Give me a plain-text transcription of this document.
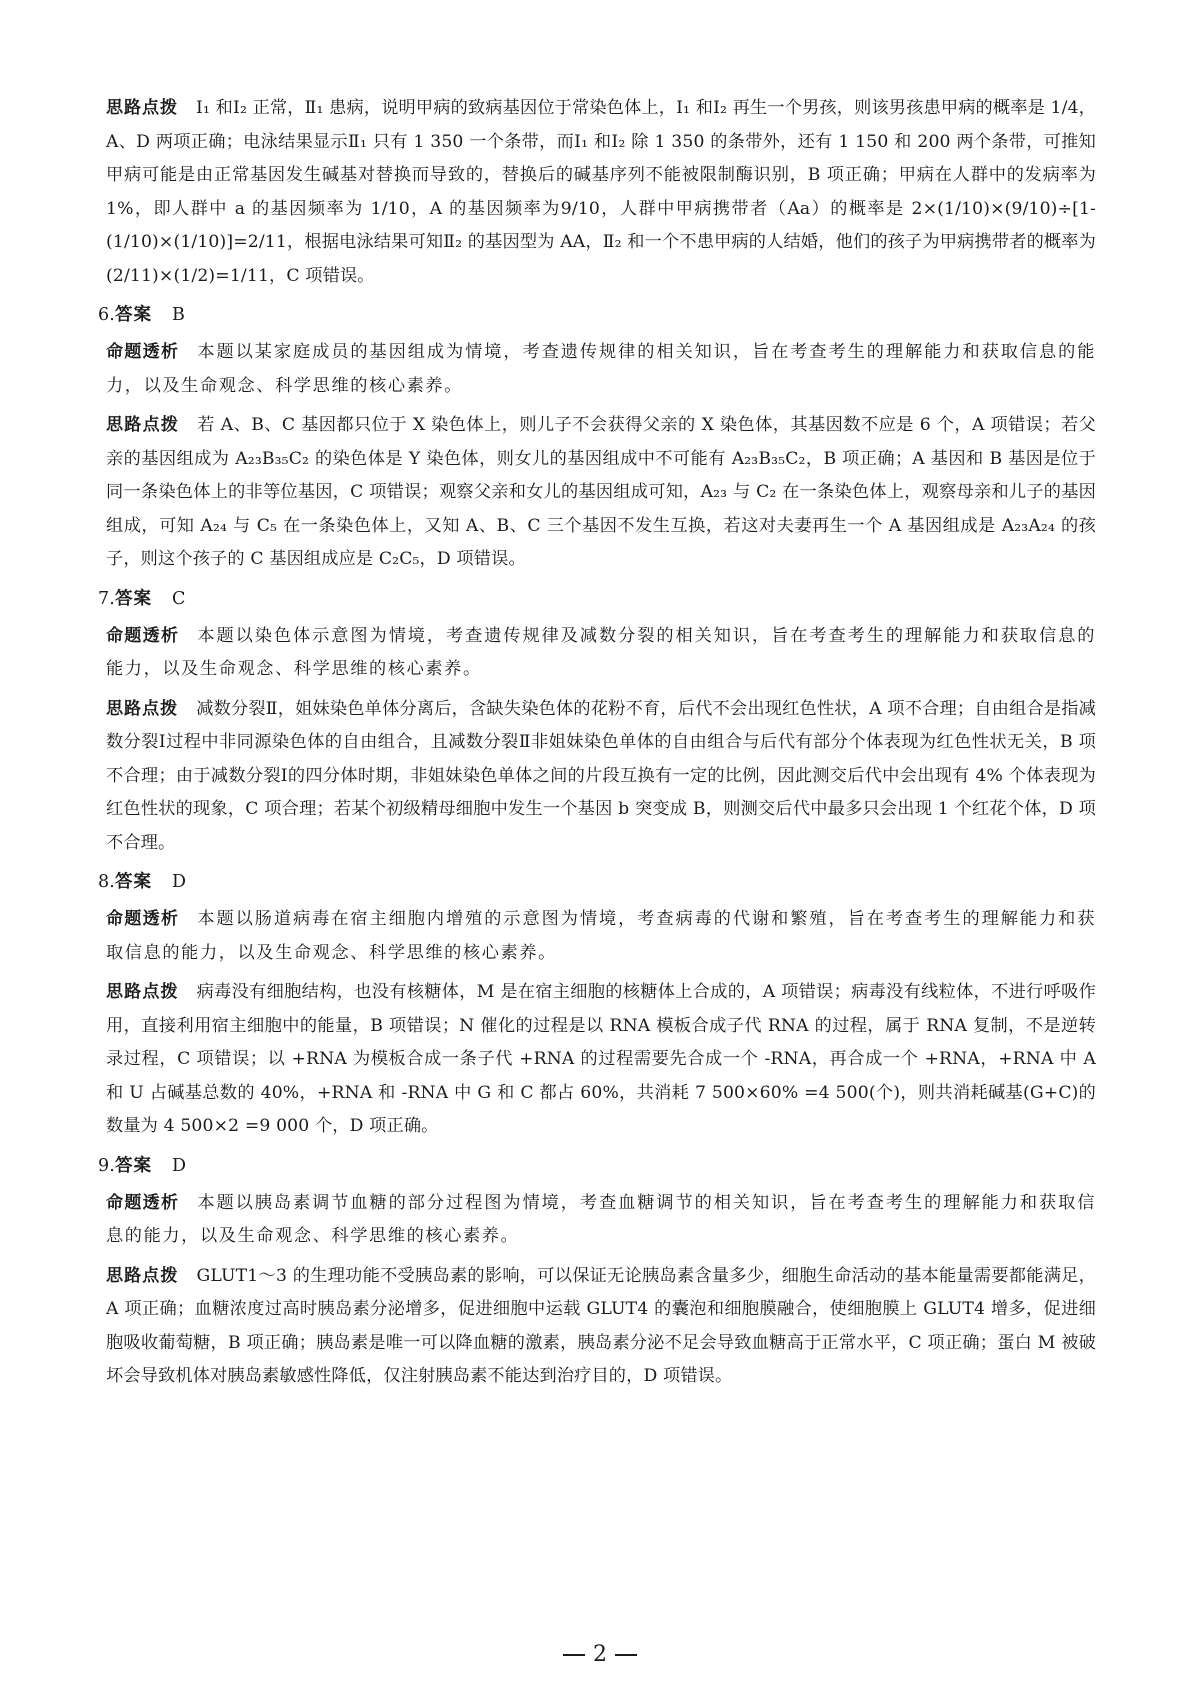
思路点拨 Ⅰ₁ 和Ⅰ₂ 正常，Ⅱ₁ 患病，说明甲病的致病基因位于常染色体上，Ⅰ₁ 和Ⅰ₂ 再生一个男孩，则该男孩患甲病的概率是 1/4，A、D 两项正确；电泳结果显示Ⅱ₁ 只有 1 350 一个条带，而Ⅰ₁ 和Ⅰ₂ 除 1 350 的条带外，还有 1 150 和 200 两个条带，可推知甲病可能是由正常基因发生碱基对替换而导致的，替换后的碱基序列不能被限制酶识别，B 项正确；甲病在人群中的发病率为 1%，即人群中 a 的基因频率为 1/10，A 的基因频率为9/10，人群中甲病携带者（Aa）的概率是 2×(1/10)×(9/10)÷[1-(1/10)×(1/10)]=2/11，根据电泳结果可知Ⅱ₂ 的基因型为 AA，Ⅱ₂ 和一个不患甲病的人结婚，他们的孩子为甲病携带者的概率为(2/11)×(1/2)=1/11，C 项错误。

6.答案 B

命题透析 本题以某家庭成员的基因组成为情境，考查遗传规律的相关知识，旨在考查考生的理解能力和获取信息的能力，以及生命观念、科学思维的核心素养。

思路点拨 若 A、B、C 基因都只位于 X 染色体上，则儿子不会获得父亲的 X 染色体，其基因数不应是 6 个，A 项错误；若父亲的基因组成为 A₂₃B₃₅C₂ 的染色体是 Y 染色体，则女儿的基因组成中不可能有 A₂₃B₃₅C₂，B 项正确；A 基因和 B 基因是位于同一条染色体上的非等位基因，C 项错误；观察父亲和女儿的基因组成可知，A₂₃ 与 C₂ 在一条染色体上，观察母亲和儿子的基因组成，可知 A₂₄ 与 C₅ 在一条染色体上，又知 A、B、C 三个基因不发生互换，若这对夫妻再生一个 A 基因组成是 A₂₃A₂₄ 的孩子，则这个孩子的 C 基因组成应是 C₂C₅，D 项错误。

7.答案 C

命题透析 本题以染色体示意图为情境，考查遗传规律及减数分裂的相关知识，旨在考查考生的理解能力和获取信息的能力，以及生命观念、科学思维的核心素养。

思路点拨 减数分裂Ⅱ，姐妹染色单体分离后，含缺失染色体的花粉不育，后代不会出现红色性状，A 项不合理；自由组合是指减数分裂Ⅰ过程中非同源染色体的自由组合，且减数分裂Ⅱ非姐妹染色单体的自由组合与后代有部分个体表现为红色性状无关，B 项不合理；由于减数分裂Ⅰ的四分体时期，非姐妹染色单体之间的片段互换有一定的比例，因此测交后代中会出现有 4% 个体表现为红色性状的现象，C 项合理；若某个初级精母细胞中发生一个基因 b 突变成 B，则测交后代中最多只会出现 1 个红花个体，D 项不合理。

8.答案 D

命题透析 本题以肠道病毒在宿主细胞内增殖的示意图为情境，考查病毒的代谢和繁殖，旨在考查考生的理解能力和获取信息的能力，以及生命观念、科学思维的核心素养。

思路点拨 病毒没有细胞结构，也没有核糖体，M 是在宿主细胞的核糖体上合成的，A 项错误；病毒没有线粒体，不进行呼吸作用，直接利用宿主细胞中的能量，B 项错误；N 催化的过程是以 RNA 模板合成子代 RNA 的过程，属于 RNA 复制，不是逆转录过程，C 项错误；以 +RNA 为模板合成一条子代 +RNA 的过程需要先合成一个 -RNA，再合成一个 +RNA，+RNA 中 A 和 U 占碱基总数的 40%，+RNA 和 -RNA 中 G 和 C 都占 60%，共消耗 7 500×60% =4 500(个)，则共消耗碱基(G+C)的数量为 4 500×2 =9 000 个，D 项正确。

9.答案 D

命题透析 本题以胰岛素调节血糖的部分过程图为情境，考查血糖调节的相关知识，旨在考查考生的理解能力和获取信息的能力，以及生命观念、科学思维的核心素养。

思路点拨 GLUT1～3 的生理功能不受胰岛素的影响，可以保证无论胰岛素含量多少，细胞生命活动的基本能量需要都能满足，A 项正确；血糖浓度过高时胰岛素分泌增多，促进细胞中运载 GLUT4 的囊泡和细胞膜融合，使细胞膜上 GLUT4 增多，促进细胞吸收葡萄糖，B 项正确；胰岛素是唯一可以降血糖的激素，胰岛素分泌不足会导致血糖高于正常水平，C 项正确；蛋白 M 被破坏会导致机体对胰岛素敏感性降低，仅注射胰岛素不能达到治疗目的，D 项错误。

2
